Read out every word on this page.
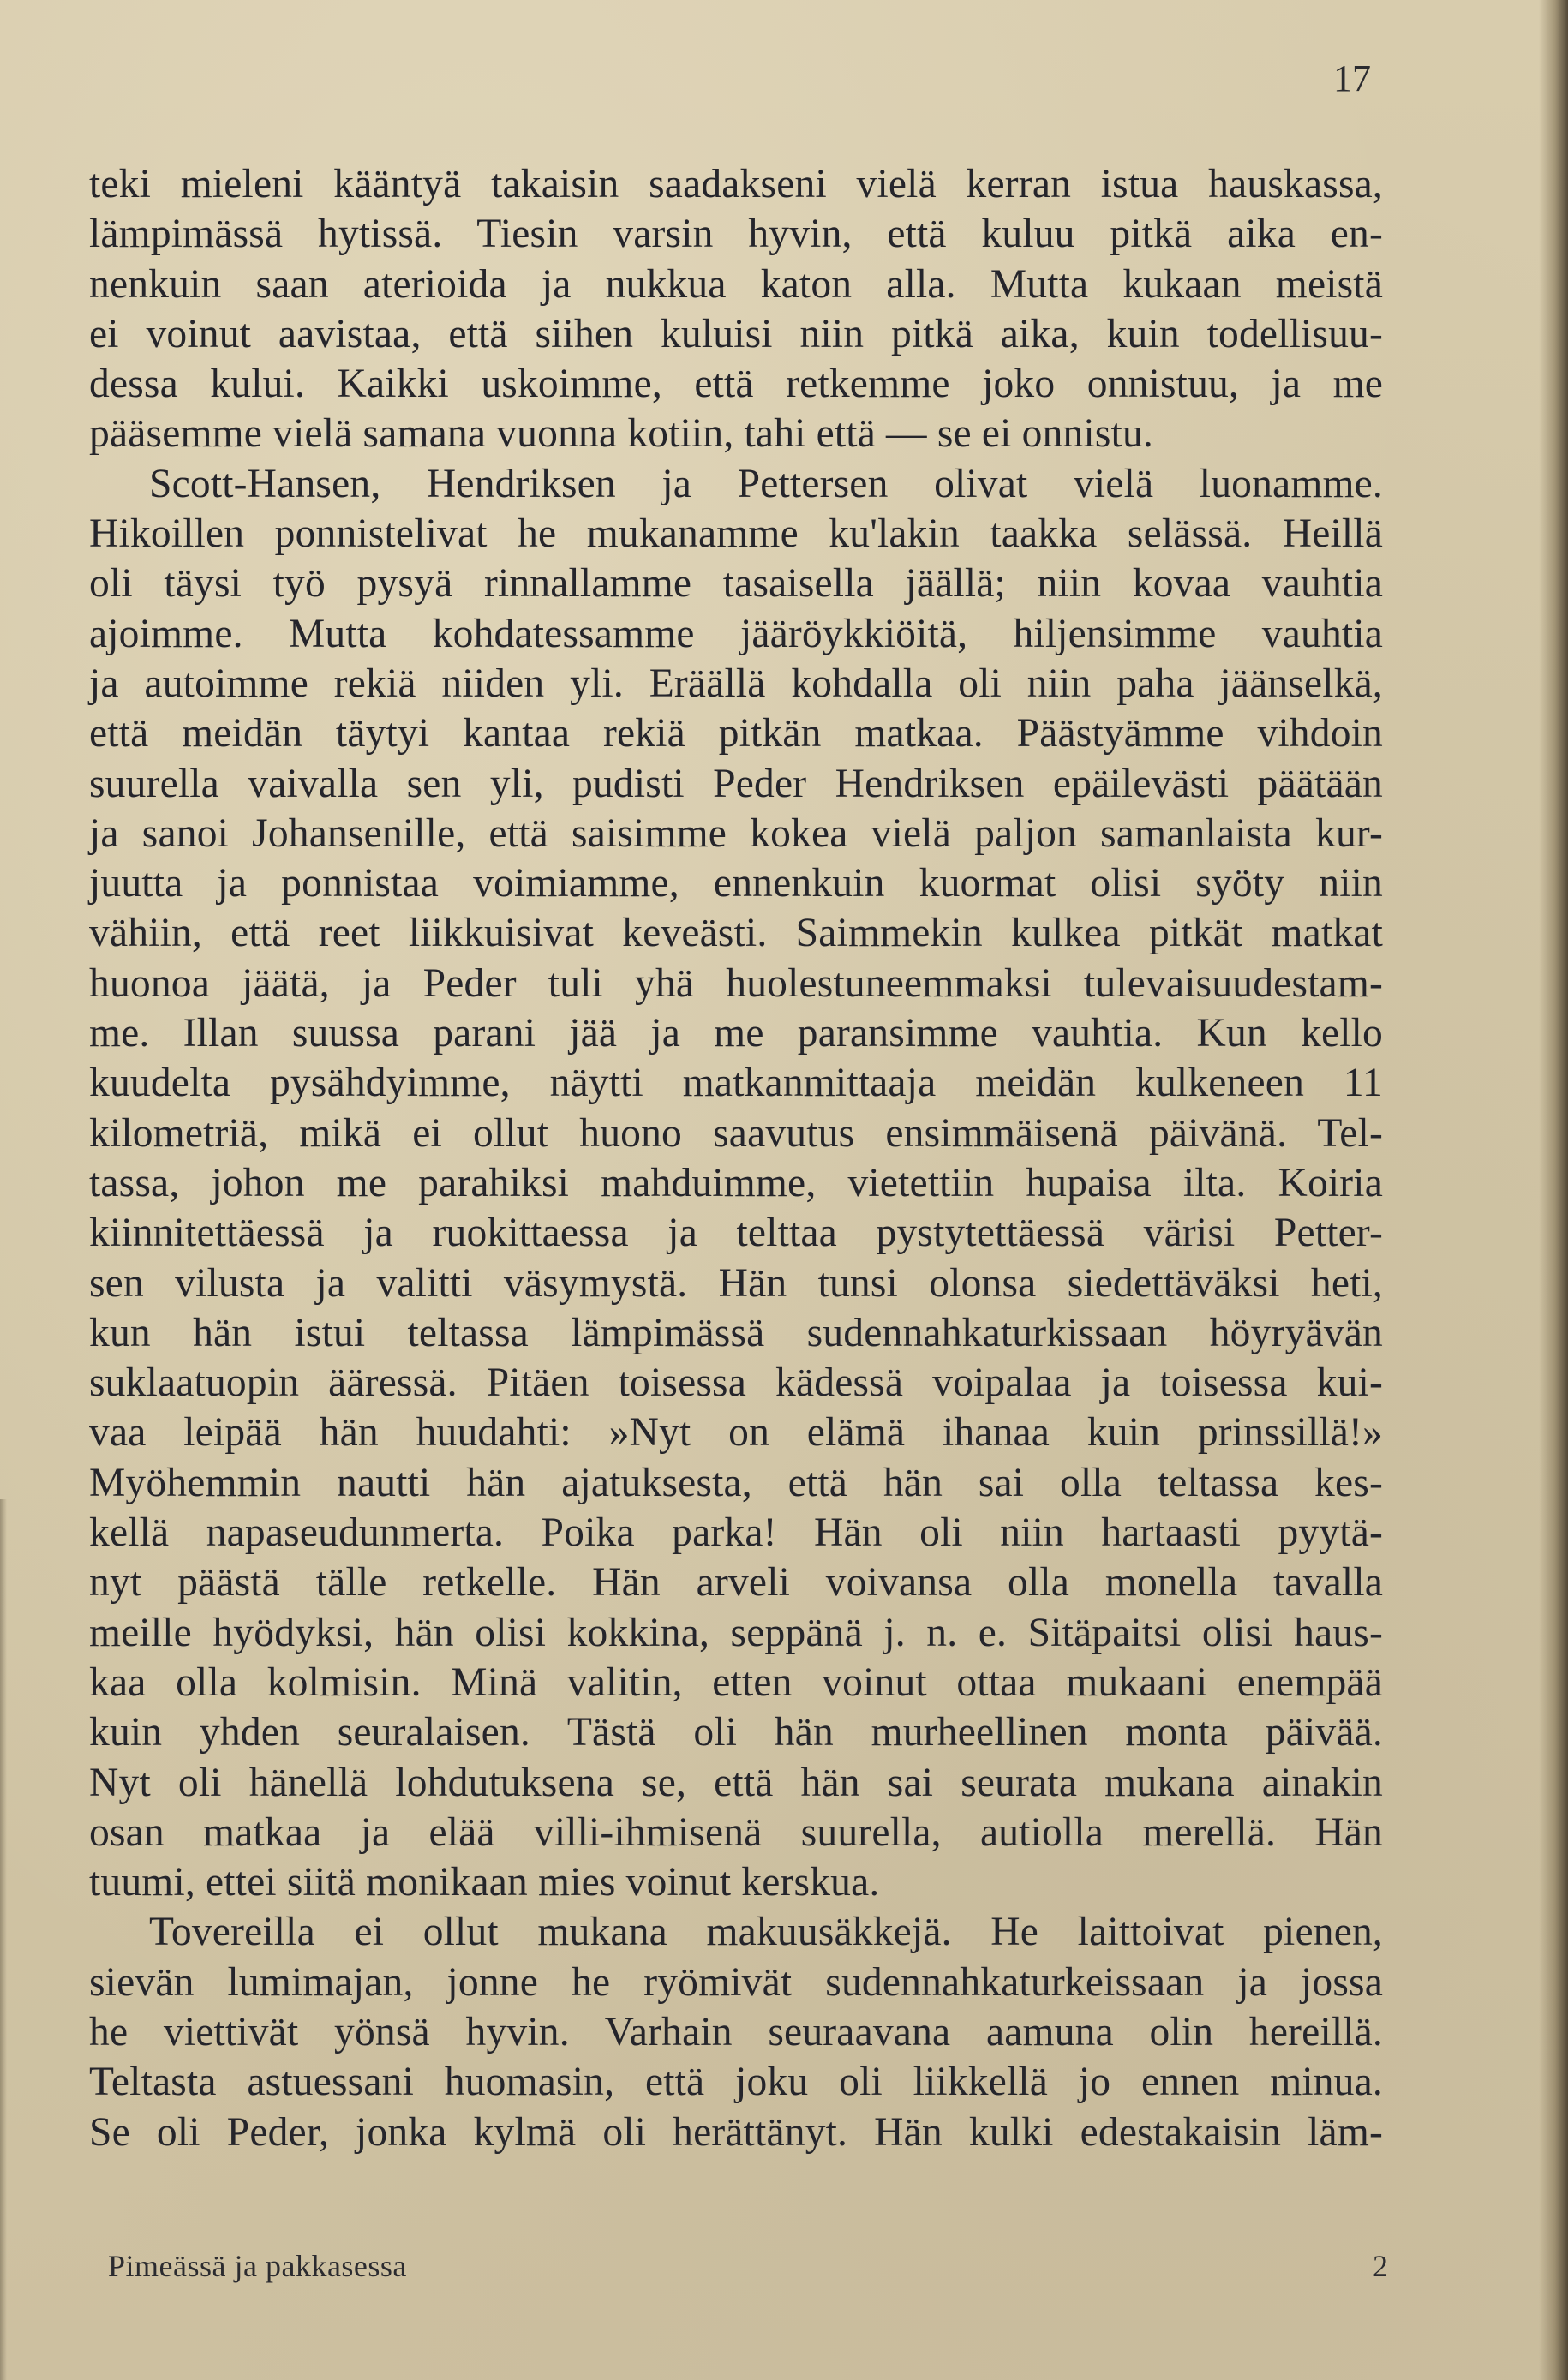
17
teki mieleni kääntyä takaisin saadakseni vielä kerran istua hauskassa,
lämpimässä hytissä. Tiesin varsin hyvin, että kuluu pitkä aika en-
nenkuin saan aterioida ja nukkua katon alla. Mutta kukaan meistä
ei voinut aavistaa, että siihen kuluisi niin pitkä aika, kuin todellisuu-
dessa kului. Kaikki uskoimme, että retkemme joko onnistuu, ja me
pääsemme vielä samana vuonna kotiin, tahi että — se ei onnistu.
Scott-Hansen, Hendriksen ja Pettersen olivat vielä luonamme.
Hikoillen ponnistelivat he mukanamme ku'lakin taakka selässä. Heillä
oli täysi työ pysyä rinnallamme tasaisella jäällä; niin kovaa vauhtia
ajoimme. Mutta kohdatessamme jääröykkiöitä, hiljensimme vauhtia
ja autoimme rekiä niiden yli. Eräällä kohdalla oli niin paha jäänselkä,
että meidän täytyi kantaa rekiä pitkän matkaa. Päästyämme vihdoin
suurella vaivalla sen yli, pudisti Peder Hendriksen epäilevästi päätään
ja sanoi Johansenille, että saisimme kokea vielä paljon samanlaista kur-
juutta ja ponnistaa voimiamme, ennenkuin kuormat olisi syöty niin
vähiin, että reet liikkuisivat keveästi. Saimmekin kulkea pitkät matkat
huonoa jäätä, ja Peder tuli yhä huolestuneemmaksi tulevaisuudestam-
me. Illan suussa parani jää ja me paransimme vauhtia. Kun kello
kuudelta pysähdyimme, näytti matkanmittaaja meidän kulkeneen 11
kilometriä, mikä ei ollut huono saavutus ensimmäisenä päivänä. Tel-
tassa, johon me parahiksi mahduimme, vietettiin hupaisa ilta. Koiria
kiinnitettäessä ja ruokittaessa ja telttaa pystytettäessä värisi Petter-
sen vilusta ja valitti väsymystä. Hän tunsi olonsa siedettäväksi heti,
kun hän istui teltassa lämpimässä sudennahkaturkissaan höyryävän
suklaatuopin ääressä. Pitäen toisessa kädessä voipalaa ja toisessa kui-
vaa leipää hän huudahti: »Nyt on elämä ihanaa kuin prinssillä!»
Myöhemmin nautti hän ajatuksesta, että hän sai olla teltassa kes-
kellä napaseudunmerta. Poika parka! Hän oli niin hartaasti pyytä-
nyt päästä tälle retkelle. Hän arveli voivansa olla monella tavalla
meille hyödyksi, hän olisi kokkina, seppänä j. n. e. Sitäpaitsi olisi haus-
kaa olla kolmisin. Minä valitin, etten voinut ottaa mukaani enempää
kuin yhden seuralaisen. Tästä oli hän murheellinen monta päivää.
Nyt oli hänellä lohdutuksena se, että hän sai seurata mukana ainakin
osan matkaa ja elää villi-ihmisenä suurella, autiolla merellä. Hän
tuumi, ettei siitä monikaan mies voinut kerskua.
Tovereilla ei ollut mukana makuusäkkejä. He laittoivat pienen,
sievän lumimajan, jonne he ryömivät sudennahkaturkeissaan ja jossa
he viettivät yönsä hyvin. Varhain seuraavana aamuna olin hereillä.
Teltasta astuessani huomasin, että joku oli liikkellä jo ennen minua.
Se oli Peder, jonka kylmä oli herättänyt. Hän kulki edestakaisin läm-
Pimeässä ja pakkasessa	2
